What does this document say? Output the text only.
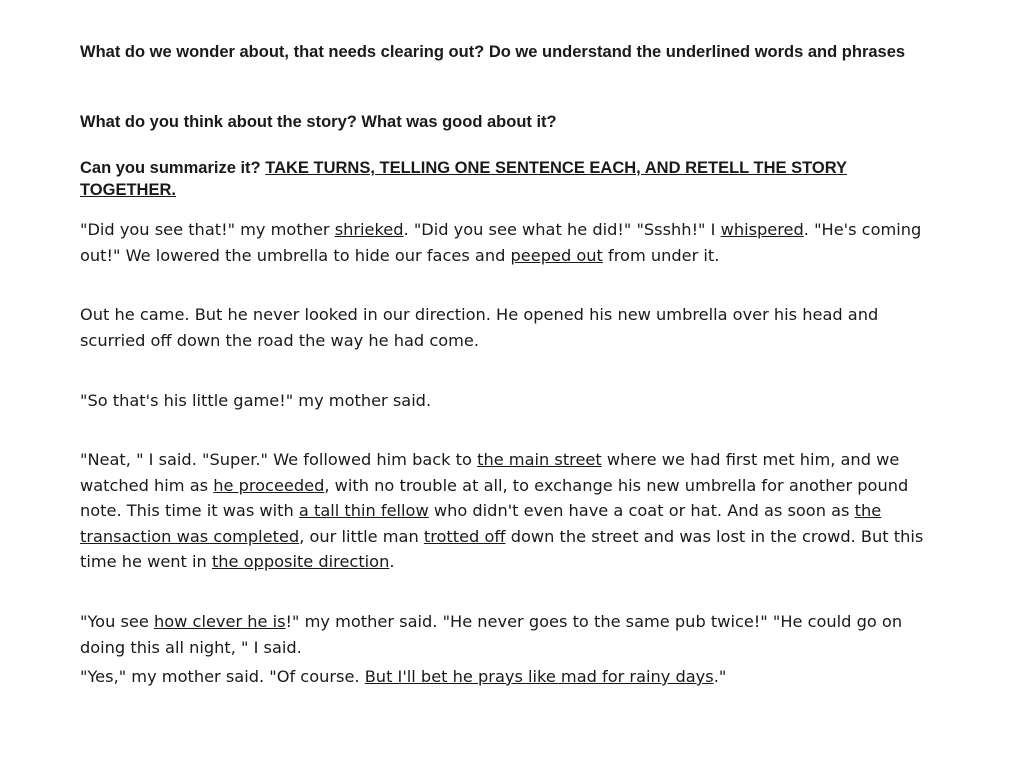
What do we wonder about, that needs clearing out? Do we understand the underlined words and phrases

What do you think about the story? What was good about it?

Can you summarize it? TAKE TURNS, TELLING ONE SENTENCE EACH, AND RETELL THE STORY TOGETHER.

"Did you see that!" my mother shrieked. "Did you see what he did!" "Ssshh!" I whispered. "He's coming out!" We lowered the umbrella to hide our faces and peeped out from under it.

Out he came. But he never looked in our direction. He opened his new umbrella over his head and scurried off down the road the way he had come.

"So that's his little game!" my mother said.

"Neat, " I said. "Super." We followed him back to the main street where we had first met him, and we watched him as he proceeded, with no trouble at all, to exchange his new umbrella for another pound note. This time it was with a tall thin fellow who didn't even have a coat or hat. And as soon as the transaction was completed, our little man trotted off down the street and was lost in the crowd. But this time he went in the opposite direction.

"You see how clever he is!" my mother said. "He never goes to the same pub twice!" "He could go on doing this all night, " I said.

"Yes," my mother said. "Of course. But I'll bet he prays like mad for rainy days."
